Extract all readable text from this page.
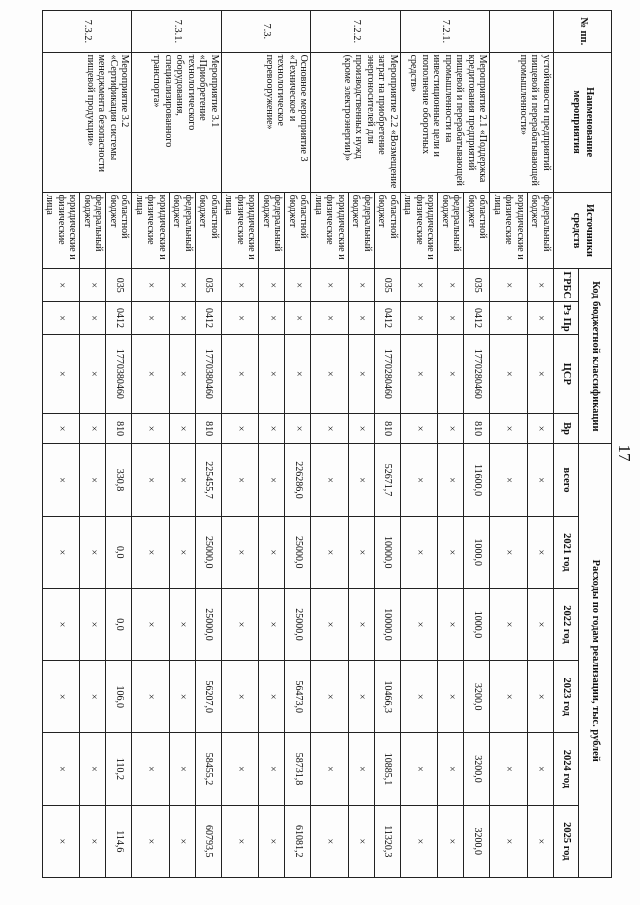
17
№ пп.	Наименование мероприятия	Источники средств	Код бюджетной классификации				Расходы по годам реализации, тыс. рублей					
			ГРБС	Рз Пр	ЦСР	Вр	всего	2021 год	2022 год	2023 год	2024 год	2025 год
	устойчивости предприятий пищевой и перерабатывающей промышленности»	федеральный бюджет	×	×	×	×	×	×	×	×	×	×
		юридические и физические лица	×	×	×	×	×	×	×	×	×	×
7.2.1.	Мероприятие 2.1 «Поддержка кредитования предприятий пищевой и перерабатывающей промышленности на инвестиционные цели и пополнение оборотных средств»	областной бюджет	035	0412	1770280460	810	11600,0	1000,0	1000,0	3200,0	3200,0	3200,0
		федеральный бюджет	×	×	×	×	×	×	×	×	×	×
		юридические и физические лица	×	×	×	×	×	×	×	×	×	×
7.2.2.	Мероприятие 2.2 «Возмещение затрат на приобретение энергоносителей для производственных нужд (кроме электроэнергии)»	областной бюджет	035	0412	1770280460	810	52671,7	10000,0	10000,0	10466,3	10885,1	11320,3
		федеральный бюджет	×	×	×	×	×	×	×	×	×	×
		юридические и физические лица	×	×	×	×	×	×	×	×	×	×
7.3.	Основное мероприятие 3 «Техническое и технологическое перевооружение»	областной бюджет	×	×	×	×	226286,0	25000,0	25000,0	56473,0	58731,8	61081,2
		федеральный бюджет	×	×	×	×	×	×	×	×	×	×
		юридические и физические лица	×	×	×	×	×	×	×	×	×	×
7.3.1.	Мероприятие 3.1 «Приобретение технологического оборудования, специализированного транспорта»	областной бюджет	035	0412	1770380460	810	225455,7	25000,0	25000,0	56207,0	58455,2	60793,5
		федеральный бюджет	×	×	×	×	×	×	×	×	×	×
		юридические и физические лица	×	×	×	×	×	×	×	×	×	×
7.3.2.	Мероприятие 3.2 «Сертификация системы менеджмента безопасности пищевой продукции»	областной бюджет	035	0412	1770380460	810	330,8	0,0	0,0	106,0	110,2	114,6
		федеральный бюджет	×	×	×	×	×	×	×	×	×	×
		юридические и физические лица	×	×	×	×	×	×	×	×	×	×
